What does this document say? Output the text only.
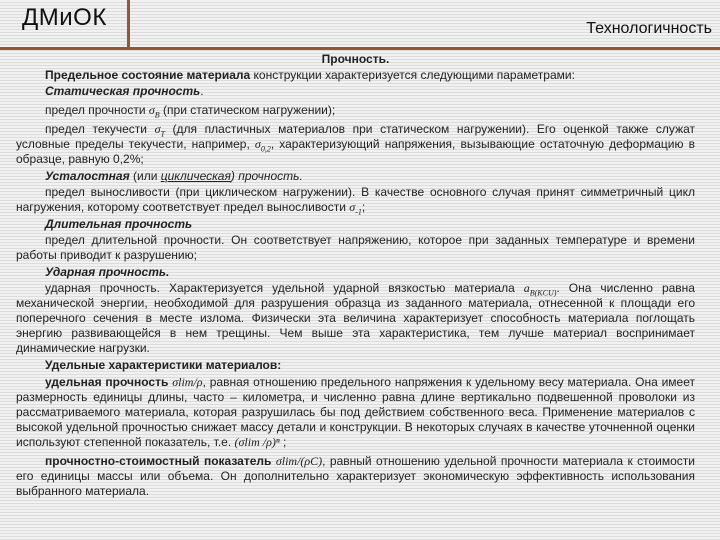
ДМиОК	Технологичность
Прочность.
Предельное состояние материала конструкции характеризуется следующими параметрами:
Статическая прочность.
предел прочности $\sigma_B$ (при статическом нагружении);
предел текучести $\sigma_T$ (для пластичных материалов при статическом нагружении). Его оценкой также служат условные пределы текучести, например, $\sigma_{0,2}$, характеризующий напряжения, вызывающие остаточную деформацию в образце, равную 0,2%;
Усталостная (или циклическая) прочность.
предел выносливости (при циклическом нагружении). В качестве основного случая принят симметричный цикл нагружения, которому соответствует предел выносливости $\sigma_{-1}$;
Длительная прочность
предел длительной прочности. Он соответствует напряжению, которое при заданных температуре и времени работы приводит к разрушению;
Ударная прочность.
ударная прочность. Характеризуется удельной ударной вязкостью материала $a_{B(KCU)}$. Она численно равна механической энергии, необходимой для разрушения образца из заданного материала, отнесенной к площади его поперечного сечения в месте излома. Физически эта величина характеризует способность материала поглощать энергию развивающейся в нем трещины. Чем выше эта характеристика, тем лучше материал воспринимает динамические нагрузки.
Удельные характеристики материалов:
удельная прочность σlim/ρ, равная отношению предельного напряжения к удельному весу материала. Она имеет размерность единицы длины, часто – километра, и численно равна длине вертикально подвешенной проволоки из рассматриваемого материала, которая разрушилась бы под действием собственного веса. Применение материалов с высокой удельной прочностью снижает массу детали и конструкции. В некоторых случаях в качестве уточненной оценки используют степенной показатель, т.е. (σlim /ρ)ⁿ ;
прочностно-стоимостный показатель σlim/(ρC), равный отношению удельной прочности материала к стоимости его единицы массы или объема. Он дополнительно характеризует экономическую эффективность использования выбранного материала.
